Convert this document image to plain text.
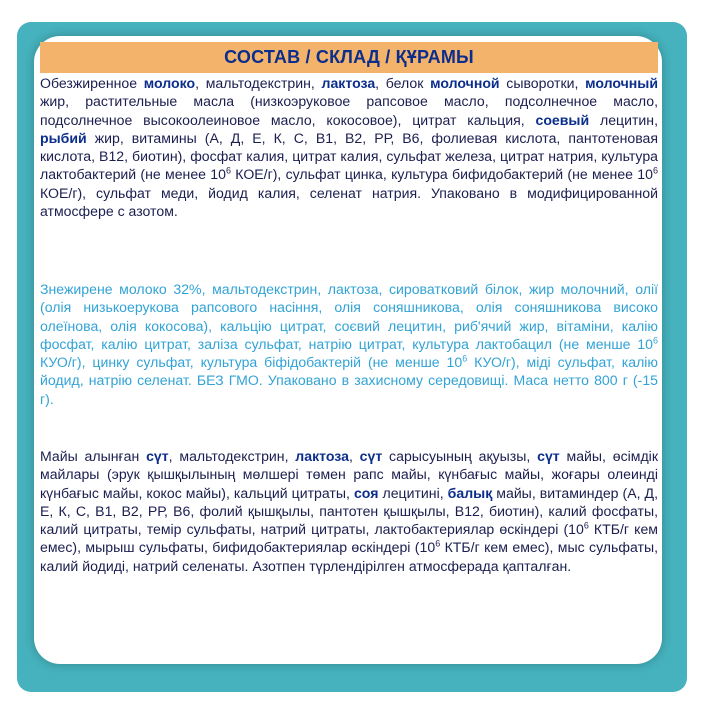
СОСТАВ / СКЛАД / ҚҰРАМЫ
Обезжиренное молоко, мальтодекстрин, лактоза, белок молочной сыворотки, молочный жир, растительные масла (низкоэруковое рапсовое масло, подсолнечное масло, подсолнечное высокоолеиновое масло, кокосовое), цитрат кальция, соевый лецитин, рыбий жир, витамины (А, Д, Е, К, С, В1, В2, РР, В6, фолиевая кислота, пантотеновая кислота, В12, биотин), фосфат калия, цитрат калия, сульфат железа, цитрат натрия, культура лактобактерий (не менее $10^6$ КОЕ/г), сульфат цинка, культура бифидобактерий (не менее $10^6$ КОЕ/г), сульфат меди, йодид калия, селенат натрия. Упаковано в модифицированной атмосфере с азотом.
Знежирене молоко 32%, мальтодекстрин, лактоза, сироватковий білок, жир молочний, олії (олія низькоерукова рапсового насіння, олія соняшникова, олія соняшникова високо олеїнова, олія кокосова), кальцію цитрат, соєвий лецитин, риб'ячий жир, вітаміни, калію фосфат, калію цитрат, заліза сульфат, натрію цитрат, культура лактобацил (не менше $10^6$ КУО/г), цинку сульфат, культура біфідобактерій (не менше $10^6$ КУО/г), міді сульфат, калію йодид, натрію селенат. БЕЗ ГМО. Упаковано в захисному середовищі. Маса нетто 800 г (-15 г).
Майы алынған сүт, мальтодекстрин, лактоза, сүт сарысуының ақуызы, сүт майы, өсімдік майлары (эрук қышқылының мөлшері төмен рапс майы, күнбағыс майы, жоғары олеинді күнбағыс майы, кокос майы), кальций цитраты, соя лецитині, балық майы, витаминдер (А, Д, Е, К, С, В1, В2, РР, В6, фолий қышқылы, пантотен қышқылы, В12, биотин), калий фосфаты, калий цитраты, темір сульфаты, натрий цитраты, лактобактериялар өскіндері ($10^6$ КТБ/г кем емес), мырыш сульфаты, бифидобактериялар өскіндері ($10^6$ КТБ/г кем емес), мыс сульфаты, калий йодиді, натрий селенаты. Азотпен түрлендірілген атмосферада қапталған.
